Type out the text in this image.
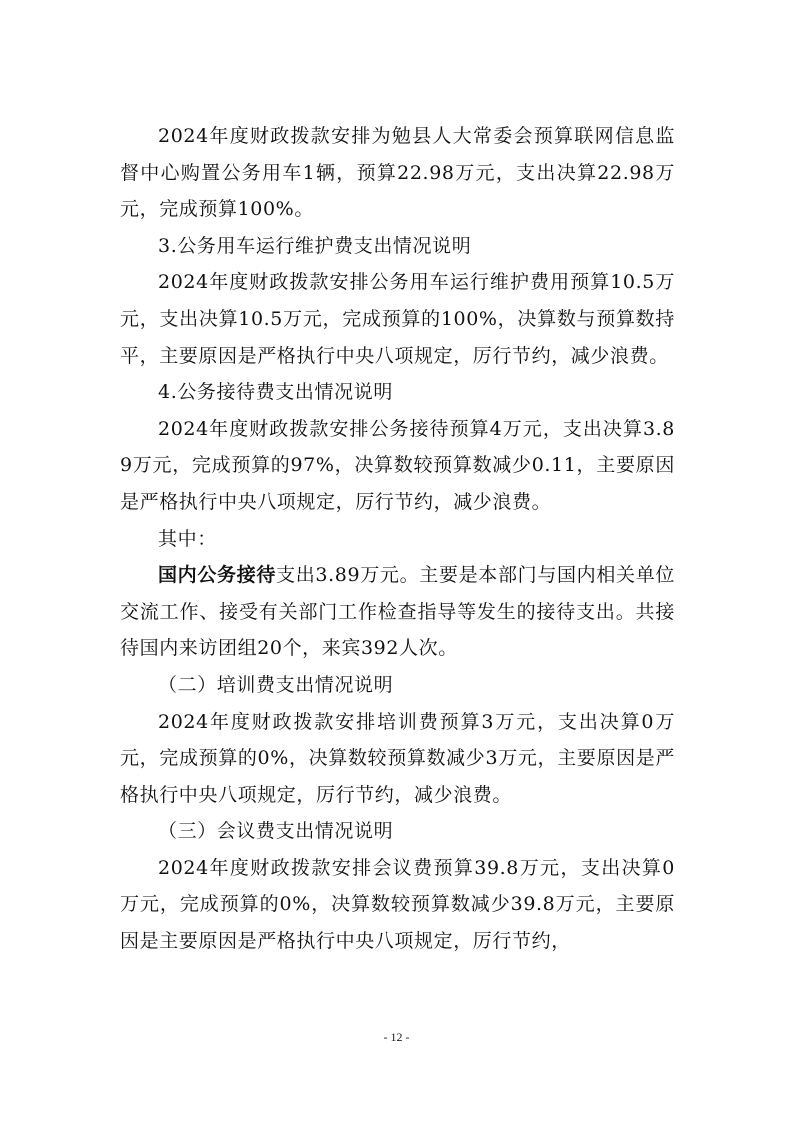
2024年度财政拨款安排为勉县人大常委会预算联网信息监督中心购置公务用车1辆，预算22.98万元，支出决算22.98万元，完成预算100%。

3.公务用车运行维护费支出情况说明

2024年度财政拨款安排公务用车运行维护费用预算10.5万元，支出决算10.5万元，完成预算的100%，决算数与预算数持平，主要原因是严格执行中央八项规定，厉行节约，减少浪费。

4.公务接待费支出情况说明

2024年度财政拨款安排公务接待预算4万元，支出决算3.89万元，完成预算的97%，决算数较预算数减少0.11，主要原因是严格执行中央八项规定，厉行节约，减少浪费。

其中：

国内公务接待支出3.89万元。主要是本部门与国内相关单位交流工作、接受有关部门工作检查指导等发生的接待支出。共接待国内来访团组20个，来宾392人次。

（二）培训费支出情况说明

2024年度财政拨款安排培训费预算3万元，支出决算0万元，完成预算的0%，决算数较预算数减少3万元，主要原因是严格执行中央八项规定，厉行节约，减少浪费。

（三）会议费支出情况说明

2024年度财政拨款安排会议费预算39.8万元，支出决算0万元，完成预算的0%，决算数较预算数减少39.8万元，主要原因是主要原因是严格执行中央八项规定，厉行节约，

- 12 -
